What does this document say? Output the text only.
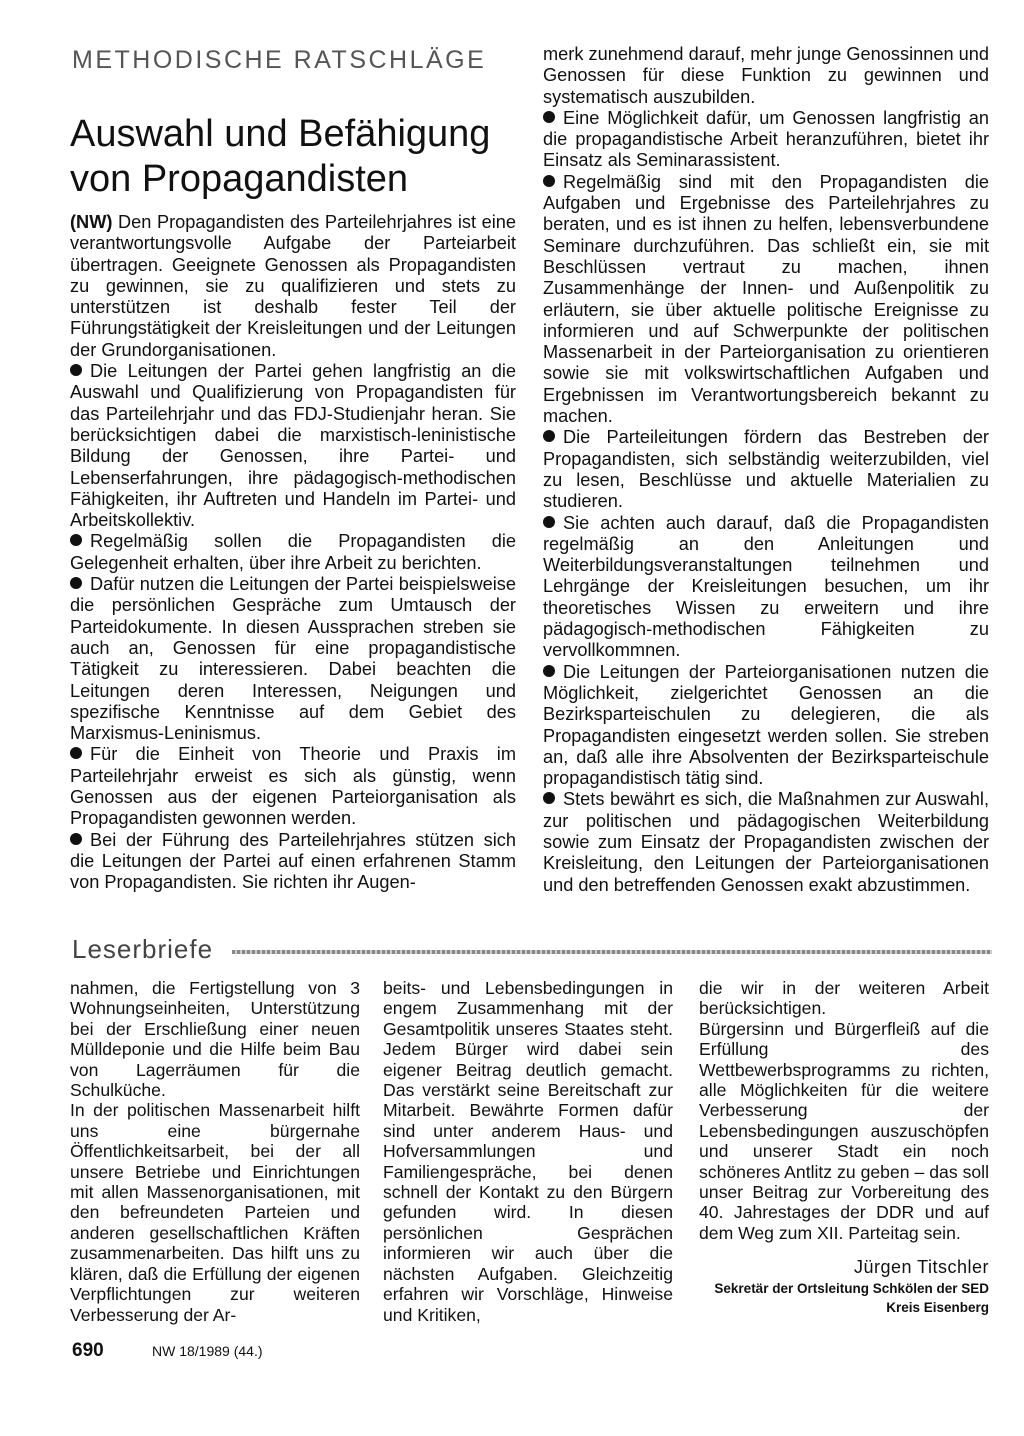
METHODISCHE RATSCHLÄGE
Auswahl und Befähigung von Propagandisten

(NW) Den Propagandisten des Parteilehrjahres ist eine verantwortungsvolle Aufgabe der Parteiarbeit übertragen. Geeignete Genossen als Propagandisten zu gewinnen, sie zu qualifizieren und stets zu unterstützen ist deshalb fester Teil der Führungstätigkeit der Kreisleitungen und der Leitungen der Grundorganisationen.

Die Leitungen der Partei gehen langfristig an die Auswahl und Qualifizierung von Propagandisten für das Parteilehrjahr und das FDJ-Studienjahr heran. Sie berücksichtigen dabei die marxistisch-leninistische Bildung der Genossen, ihre Partei- und Lebenserfahrungen, ihre pädagogisch-methodischen Fähigkeiten, ihr Auftreten und Handeln im Partei- und Arbeitskollektiv.

Regelmäßig sollen die Propagandisten die Gelegenheit erhalten, über ihre Arbeit zu berichten.

Dafür nutzen die Leitungen der Partei beispielsweise die persönlichen Gespräche zum Umtausch der Parteidokumente. In diesen Aussprachen streben sie auch an, Genossen für eine propagandistische Tätigkeit zu interessieren. Dabei beachten die Leitungen deren Interessen, Neigungen und spezifische Kenntnisse auf dem Gebiet des Marxismus-Leninismus.

Für die Einheit von Theorie und Praxis im Parteilehrjahr erweist es sich als günstig, wenn Genossen aus der eigenen Parteiorganisation als Propagandisten gewonnen werden.

Bei der Führung des Parteilehrjahres stützen sich die Leitungen der Partei auf einen erfahrenen Stamm von Propagandisten. Sie richten ihr Augen-

merk zunehmend darauf, mehr junge Genossinnen und Genossen für diese Funktion zu gewinnen und systematisch auszubilden.

Eine Möglichkeit dafür, um Genossen langfristig an die propagandistische Arbeit heranzuführen, bietet ihr Einsatz als Seminarassistent.

Regelmäßig sind mit den Propagandisten die Aufgaben und Ergebnisse des Parteilehrjahres zu beraten, und es ist ihnen zu helfen, lebensverbundene Seminare durchzuführen. Das schließt ein, sie mit Beschlüssen vertraut zu machen, ihnen Zusammenhänge der Innen- und Außenpolitik zu erläutern, sie über aktuelle politische Ereignisse zu informieren und auf Schwerpunkte der politischen Massenarbeit in der Parteiorganisation zu orientieren sowie sie mit volkswirtschaftlichen Aufgaben und Ergebnissen im Verantwortungsbereich bekannt zu machen.

Die Parteileitungen fördern das Bestreben der Propagandisten, sich selbständig weiterzubilden, viel zu lesen, Beschlüsse und aktuelle Materialien zu studieren.

Sie achten auch darauf, daß die Propagandisten regelmäßig an den Anleitungen und Weiterbildungsveranstaltungen teilnehmen und Lehrgänge der Kreisleitungen besuchen, um ihr theoretisches Wissen zu erweitern und ihre pädagogisch-methodischen Fähigkeiten zu vervollkommnen.

Die Leitungen der Parteiorganisationen nutzen die Möglichkeit, zielgerichtet Genossen an die Bezirksparteischulen zu delegieren, die als Propagandisten eingesetzt werden sollen. Sie streben an, daß alle ihre Absolventen der Bezirksparteischule propagandistisch tätig sind.

Stets bewährt es sich, die Maßnahmen zur Auswahl, zur politischen und pädagogischen Weiterbildung sowie zum Einsatz der Propagandisten zwischen der Kreisleitung, den Leitungen der Parteiorganisationen und den betreffenden Genossen exakt abzustimmen.

Leserbriefe

nahmen, die Fertigstellung von 3 Wohnungseinheiten, Unterstützung bei der Erschließung einer neuen Mülldeponie und die Hilfe beim Bau von Lagerräumen für die Schulküche.

In der politischen Massenarbeit hilft uns eine bürgernahe Öffentlichkeitsarbeit, bei der all unsere Betriebe und Einrichtungen mit allen Massenorganisationen, mit den befreundeten Parteien und anderen gesellschaftlichen Kräften zusammenarbeiten. Das hilft uns zu klären, daß die Erfüllung der eigenen Verpflichtungen zur weiteren Verbesserung der Ar-

beits- und Lebensbedingungen in engem Zusammenhang mit der Gesamtpolitik unseres Staates steht. Jedem Bürger wird dabei sein eigener Beitrag deutlich gemacht. Das verstärkt seine Bereitschaft zur Mitarbeit. Bewährte Formen dafür sind unter anderem Haus- und Hofversammlungen und Familiengespräche, bei denen schnell der Kontakt zu den Bürgern gefunden wird. In diesen persönlichen Gesprächen informieren wir auch über die nächsten Aufgaben. Gleichzeitig erfahren wir Vorschläge, Hinweise und Kritiken,

die wir in der weiteren Arbeit berücksichtigen.

Bürgersinn und Bürgerfleiß auf die Erfüllung des Wettbewerbsprogramms zu richten, alle Möglichkeiten für die weitere Verbesserung der Lebensbedingungen auszuschöpfen und unserer Stadt ein noch schöneres Antlitz zu geben – das soll unser Beitrag zur Vorbereitung des 40. Jahrestages der DDR und auf dem Weg zum XII. Parteitag sein.

Jürgen Titschler
Sekretär der Ortsleitung Schkölen der SED
Kreis Eisenberg
690	NW 18/1989 (44.)
